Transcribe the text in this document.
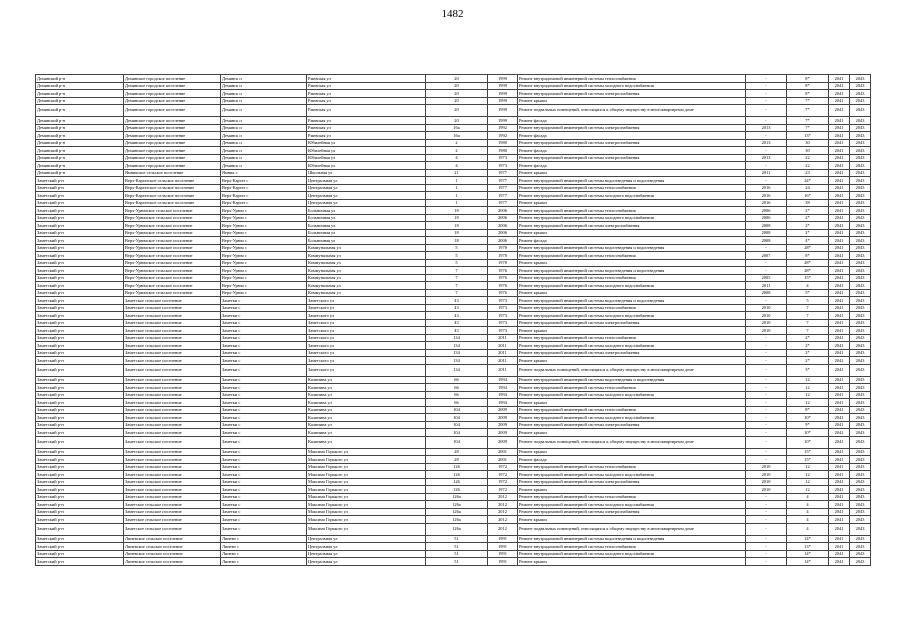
1482
Демянский р-н	Демянское городское поселение	Демянск п	Ржевская ул	20	1999	Ремонт внутридомовой инженерной системы теплоснабжения	-	8*	2041	2043
Демянский р-н	Демянское городское поселение	Демянск п	Ржевская ул	20	1999	Ремонт внутридомовой инженерной системы холодного водоснабжения	-	8*	2041	2043
Демянский р-н	Демянское городское поселение	Демянск п	Ржевская ул	20	1999	Ремонт внутридомовой инженерной системы электроснабжения	-	8*	2041	2043
Демянский р-н	Демянское городское поселение	Демянск п	Ржевская ул	20	1999	Ремонт крыши	-	7*	2041	2043
Демянский р-н	Демянское городское поселение	Демянск п	Ржевская ул	20	1999	Ремонт подвальных помещений, относящихся к общему имуществу в многоквартирном доме	-	7*	2041	2043
Демянский р-н	Демянское городское поселение	Демянск п	Ржевская ул	20	1999	Ремонт фасада	-	7*	2041	2043
Демянский р-н	Демянское городское поселение	Демянск п	Ржевская ул	16а	1992	Ремонт внутридомовой инженерной системы электроснабжения	2013	7*	2041	2043
Демянский р-н	Демянское городское поселение	Демянск п	Ржевская ул	16а	1992	Ремонт фасада	-	13*	2041	2043
Демянский р-н	Демянское городское поселение	Демянск п	Юбилейная ул	2	1980	Ремонт внутридомовой инженерной системы электроснабжения	2013	30	2041	2043
Демянский р-н	Демянское городское поселение	Демянск п	Юбилейная ул	2	1980	Ремонт фасада	-	30	2041	2043
Демянский р-н	Демянское городское поселение	Демянск п	Юбилейная ул	4	1973	Ремонт внутридомовой инженерной системы электроснабжения	2013	22	2041	2043
Демянский р-н	Демянское городское поселение	Демянск п	Юбилейная ул	4	1973	Ремонт фасада	-	22	2041	2043
Демянский р-н	Ямникское сельское поселение	Ямник с	Школьная ул	21	1977	Ремонт крыши	2011	23	2041	2043
Заметский р-н	Верх-Каргатское сельское поселение	Верх-Каргат с	Центральная ул	1	1977	Ремонт внутридомовой инженерной системы водоотведения и водоотведения	-	24*	2041	2043
Заметский р-н	Верх-Каргатское сельское поселение	Верх-Каргат с	Центральная ул	1	1977	Ремонт внутридомовой инженерной системы теплоснабжения	2016	24	2041	2043
Заметский р-н	Верх-Каргатское сельское поселение	Верх-Каргат с	Центральная ул	1	1977	Ремонт внутридомовой инженерной системы холодного водоснабжения	2016	16*	2041	2043
Заметский р-н	Верх-Каргатское сельское поселение	Верх-Каргат с	Центральная ул	1	1977	Ремонт крыши	2016	38	2041	2043
Заметский р-н	Верх-Урюмское сельское поселение	Верх-Урюм с	Больничная ул	18	2006	Ремонт внутридомовой инженерной системы теплоснабжения	2006	2*	2041	2043
Заметский р-н	Верх-Урюмское сельское поселение	Верх-Урюм с	Больничная ул	18	2006	Ремонт внутридомовой инженерной системы холодного водоснабжения	2006	2*	2041	2043
Заметский р-н	Верх-Урюмское сельское поселение	Верх-Урюм с	Больничная ул	18	2006	Ремонт внутридомовой инженерной системы электроснабжения	2008	2*	2041	2043
Заметский р-н	Верх-Урюмское сельское поселение	Верх-Урюм с	Больничная ул	18	2006	Ремонт крыши	2008	2*	2041	2043
Заметский р-н	Верх-Урюмское сельское поселение	Верх-Урюм с	Больничная ул	18	2006	Ремонт фасада	2008	4*	2041	2043
Заметский р-н	Верх-Урюмское сельское поселение	Верх-Урюм с	Коммунальная ул	5	1978	Ремонт внутридомовой инженерной системы водоотведения и водоотведения	-	28*	2041	2043
Заметский р-н	Верх-Урюмское сельское поселение	Верх-Урюм с	Коммунальная ул	5	1978	Ремонт внутридомовой инженерной системы теплоснабжения	2007	8*	2041	2043
Заметский р-н	Верх-Урюмское сельское поселение	Верх-Урюм с	Коммунальная ул	5	1978	Ремонт крыши	-	28*	2041	2043
Заметский р-н	Верх-Урюмское сельское поселение	Верх-Урюм с	Коммунальная ул	7	1976	Ремонт внутридомовой инженерной системы водоотведения и водоотведения	-	28*	2041	2043
Заметский р-н	Верх-Урюмское сельское поселение	Верх-Урюм с	Коммунальная ул	7	1976	Ремонт внутридомовой инженерной системы теплоснабжения	2005	15*	2041	2043
Заметский р-н	Верх-Урюмское сельское поселение	Верх-Урюм с	Коммунальная ул	7	1976	Ремонт внутридомовой инженерной системы холодного водоснабжения	2011	4	2041	2043
Заметский р-н	Верх-Урюмское сельское поселение	Верх-Урюм с	Коммунальная ул	7	1976	Ремонт крыши	2008	5*	2041	2043
Заметский р-н	Заметское сельское поселение	Заметки с	Заметского ул	43	1973	Ремонт внутридомовой инженерной системы водоотведения и водоотведения	-	5	2041	2043
Заметский р-н	Заметское сельское поселение	Заметки с	Заметского ул	43	1973	Ремонт внутридомовой инженерной системы теплоснабжения	2010	7	2041	2043
Заметский р-н	Заметское сельское поселение	Заметки с	Заметского ул	43	1973	Ремонт внутридомовой инженерной системы холодного водоснабжения	2010	7	2041	2043
Заметский р-н	Заметское сельское поселение	Заметки с	Заметского ул	43	1973	Ремонт внутридомовой инженерной системы электроснабжения	2010	7	2041	2043
Заметский р-н	Заметское сельское поселение	Заметки с	Заметского ул	43	1973	Ремонт крыши	2010	7	2041	2043
Заметский р-н	Заметское сельское поселение	Заметки с	Заметского ул	134	2011	Ремонт внутридомовой инженерной системы теплоснабжения	-	2*	2041	2043
Заметский р-н	Заметское сельское поселение	Заметки с	Заметского ул	134	2011	Ремонт внутридомовой инженерной системы холодного водоснабжения	-	2*	2041	2043
Заметский р-н	Заметское сельское поселение	Заметки с	Заметского ул	134	2011	Ремонт внутридомовой инженерной системы электроснабжения	-	2*	2041	2043
Заметский р-н	Заметское сельское поселение	Заметки с	Заметского ул	134	2011	Ремонт крыши	-	2*	2041	2043
Заметский р-н	Заметское сельское поселение	Заметки с	Заметского ул	134	2011	Ремонт подвальных помещений, относящихся к общему имуществу в многоквартирном доме	-	3*	2041	2043
Заметский р-н	Заметское сельское поселение	Заметки с	Калинина ул	66	1994	Ремонт внутридомовой инженерной системы водоотведения и водоотведения	-	12	2041	2043
Заметский р-н	Заметское сельское поселение	Заметки с	Калинина ул	66	1994	Ремонт внутридомовой инженерной системы теплоснабжения	-	12	2041	2043
Заметский р-н	Заметское сельское поселение	Заметки с	Калинина ул	66	1994	Ремонт внутридомовой инженерной системы холодного водоснабжения	-	12	2041	2043
Заметский р-н	Заметское сельское поселение	Заметки с	Калинина ул	66	1994	Ремонт крыши	-	12	2041	2043
Заметский р-н	Заметское сельское поселение	Заметки с	Калинина ул	104	2009	Ремонт внутридомовой инженерной системы теплоснабжения	-	8*	2041	2043
Заметский р-н	Заметское сельское поселение	Заметки с	Калинина ул	104	2009	Ремонт внутридомовой инженерной системы холодного водоснабжения	-	10*	2041	2043
Заметский р-н	Заметское сельское поселение	Заметки с	Калинина ул	104	2009	Ремонт внутридомовой инженерной системы электроснабжения	-	9*	2041	2043
Заметский р-н	Заметское сельское поселение	Заметки с	Калинина ул	104	2009	Ремонт крыши	-	10*	2041	2043
Заметский р-н	Заметское сельское поселение	Заметки с	Калинина ул	104	2009	Ремонт подвальных помещений, относящихся к общему имуществу в многоквартирном доме	-	10*	2041	2043
Заметский р-н	Заметское сельское поселение	Заметки с	Максима Горького ул	28	2001	Ремонт крыши	-	15*	2041	2043
Заметский р-н	Заметское сельское поселение	Заметки с	Максима Горького ул	28	2001	Ремонт фасада	-	15*	2041	2043
Заметский р-н	Заметское сельское поселение	Заметки с	Максима Горького ул	126	1972	Ремонт внутридомовой инженерной системы теплоснабжения	2010	12	2041	2043
Заметский р-н	Заметское сельское поселение	Заметки с	Максима Горького ул	126	1972	Ремонт внутридомовой инженерной системы холодного водоснабжения	2010	12	2041	2043
Заметский р-н	Заметское сельское поселение	Заметки с	Максима Горького ул	126	1972	Ремонт внутридомовой инженерной системы электроснабжения	2010	12	2041	2043
Заметский р-н	Заметское сельское поселение	Заметки с	Максима Горького ул	126	1972	Ремонт крыши	2010	12	2041	2043
Заметский р-н	Заметское сельское поселение	Заметки с	Максима Горького ул	126а	2012	Ремонт внутридомовой инженерной системы теплоснабжения	-	4	2041	2043
Заметский р-н	Заметское сельское поселение	Заметки с	Максима Горького ул	126а	2012	Ремонт внутридомовой инженерной системы холодного водоснабжения	-	4	2041	2043
Заметский р-н	Заметское сельское поселение	Заметки с	Максима Горького ул	126а	2012	Ремонт внутридомовой инженерной системы электроснабжения	-	4	2041	2043
Заметский р-н	Заметское сельское поселение	Заметки с	Максима Горького ул	126а	2012	Ремонт крыши	-	4	2041	2043
Заметский р-н	Заметское сельское поселение	Заметки с	Максима Горького ул	126а	2012	Ремонт подвальных помещений, относящихся к общему имуществу в многоквартирном доме	-	4	2041	2043
Заметский р-н	Линевское сельское поселение	Линево с	Центральная ул	51	1991	Ремонт внутридомовой инженерной системы водоотведения и водоотведения	-	14*	2041	2043
Заметский р-н	Линевское сельское поселение	Линево с	Центральная ул	51	1991	Ремонт внутридомовой инженерной системы теплоснабжения	-	13*	2041	2043
Заметский р-н	Линевское сельское поселение	Линево с	Центральная ул	51	1991	Ремонт внутридомовой инженерной системы холодного водоснабжения	-	14*	2041	2043
Заметский р-н	Линевское сельское поселение	Линево с	Центральная ул	51	1991	Ремонт крыши	-	14*	2041	2043
